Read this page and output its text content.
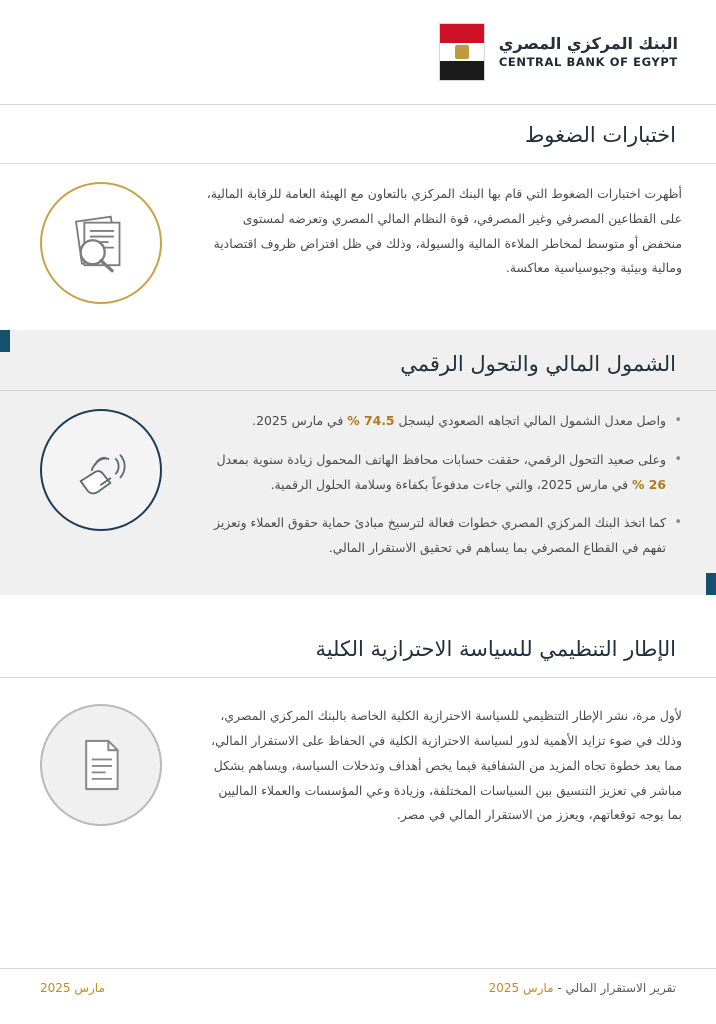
البنك المركزي المصري
CENTRAL BANK OF EGYPT
اختبارات الضغوط
أظهرت اختبارات الضغوط التي قام بها البنك المركزي بالتعاون مع الهيئة العامة للرقابة المالية، على القطاعين المصرفي وغير المصرفي، قوة النظام المالي المصري وتعرضه لمستوى منخفض أو متوسط لمخاطر الملاءة المالية والسيولة، وذلك في ظل افتراض ظروف اقتصادية ومالية وبيئية وجيوسياسية معاكسة.
الشمول المالي والتحول الرقمي
• واصل معدل الشمول المالي اتجاهه الصعودي ليسجل 74.5 % في مارس 2025.
• وعلى صعيد التحول الرقمي، حققت حسابات محافظ الهاتف المحمول زيادة سنوية بمعدل 26 % في مارس 2025، والتي جاءت مدفوعاً بكفاءة وسلامة الحلول الرقمية.
• كما اتخذ البنك المركزي المصري خطوات فعالة لترسيخ مبادئ حماية حقوق العملاء وتعزيز تفهم في القطاع المصرفي بما يساهم في تحقيق الاستقرار المالي.
الإطار التنظيمي للسياسة الاحترازية الكلية
لأول مرة، نشر الإطار التنظيمي للسياسة الاحترازية الكلية الخاصة بالبنك المركزي المصري، وذلك في ضوء تزايد الأهمية لدور لسياسة الاحترازية الكلية في الحفاظ على الاستقرار المالي، مما يعد خطوة تجاه المزيد من الشفافية فيما يخص أهداف وتدخلات السياسة، ويساهم بشكل مباشر في تعزيز التنسيق بين السياسات المختلفة، وزيادة وعي المؤسسات والعملاء الماليين بما يوجه توقعاتهم، ويعزز من الاستقرار المالي في مصر.
تقرير الاستقرار المالي - مارس 2025
مارس 2025
